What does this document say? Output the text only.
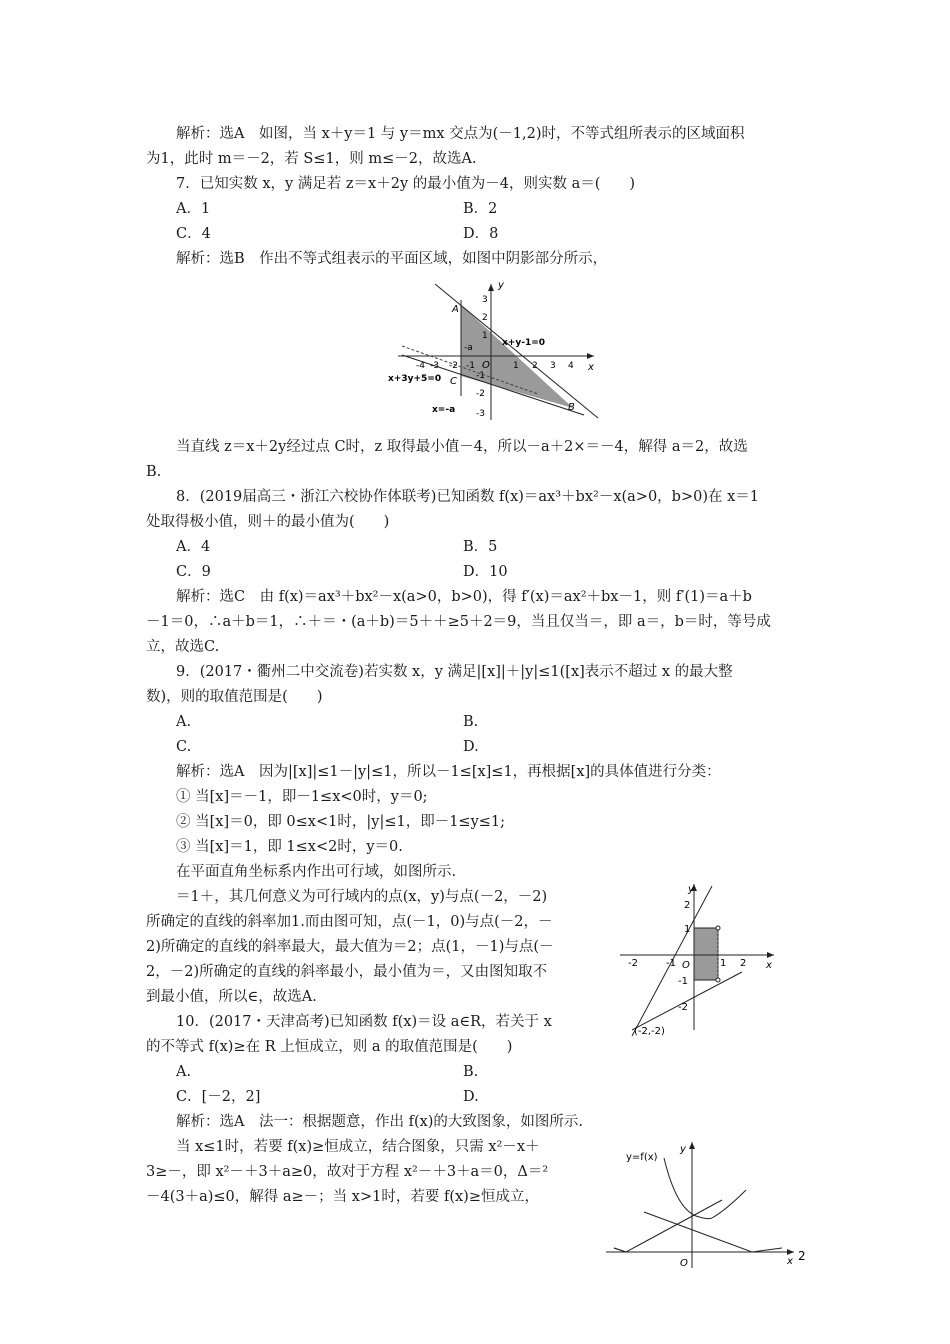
解析：选A　如图，当 x＋y＝1 与 y＝mx 交点为(－1,2)时，不等式组所表示的区域面积
为1，此时 m＝－2，若 S≤1，则 m≤－2，故选A.
7．已知实数 x，y 满足若 z＝x＋2y 的最小值为－4，则实数 a＝(　　)
A．1	B．2
C．4	D．8
解析：选B　作出不等式组表示的平面区域，如图中阴影部分所示，
y
x
O
-4 -3 -2 -1	1 2 3 4
3
2
1
-1
-2
-3
A
B
C
-a	x+y-1=0
x+3y+5=0
x=-a
当直线 z＝x＋2y经过点 C时，z 取得最小值－4，所以－a＋2×＝－4，解得 a＝2，故选
B.
8．(2019届高三・浙江六校协作体联考)已知函数 f(x)＝ax³＋bx²－x(a>0，b>0)在 x＝1
处取得极小值，则＋的最小值为(　　)
A．4	B．5
C．9	D．10
解析：选C　由 f(x)＝ax³＋bx²－x(a>0，b>0)，得 f′(x)＝ax²＋bx－1，则 f′(1)＝a＋b
－1＝0，∴a＋b＝1，∴＋＝・(a＋b)＝5＋＋≥5＋2＝9，当且仅当＝，即 a＝，b＝时，等号成
立，故选C.
9．(2017・衢州二中交流卷)若实数 x，y 满足|[x]|＋|y|≤1([x]表示不超过 x 的最大整
数)，则的取值范围是(　　)
A.	B.
C.	D.
解析：选A　因为|[x]|≤1－|y|≤1，所以－1≤[x]≤1，再根据[x]的具体值进行分类：
① 当[x]＝－1，即－1≤x<0时，y＝0;
② 当[x]＝0，即 0≤x<1时，|y|≤1，即－1≤y≤1;
③ 当[x]＝1，即 1≤x<2时，y＝0.
在平面直角坐标系内作出可行域，如图所示.
＝1＋，其几何意义为可行域内的点(x，y)与点(－2，－2)
所确定的直线的斜率加1.而由图可知，点(－1，0)与点(－2，－
2)所确定的直线的斜率最大，最大值为＝2；点(1，－1)与点(－
2，－2)所确定的直线的斜率最小，最小值为＝，又由图知取不
到最小值，所以∈，故选A.
y
x
O
-2	-1	1 2
2
1
-1
-2
(-2,-2)
10．(2017・天津高考)已知函数 f(x)＝设 a∈R，若关于 x
的不等式 f(x)≥在 R 上恒成立，则 a 的取值范围是(　　)
A.	B.
C．[－2，2]	D.
解析：选A　法一：根据题意，作出 f(x)的大致图象，如图所示.
当 x≤1时，若要 f(x)≥恒成立，结合图象，只需 x²－x＋
3≥－，即 x²－＋3＋a≥0，故对于方程 x²－＋3＋a＝0，Δ＝²
－4(3＋a)≤0，解得 a≥－；当 x>1时，若要 f(x)≥恒成立，
y=f(x)
y
O	x 2
